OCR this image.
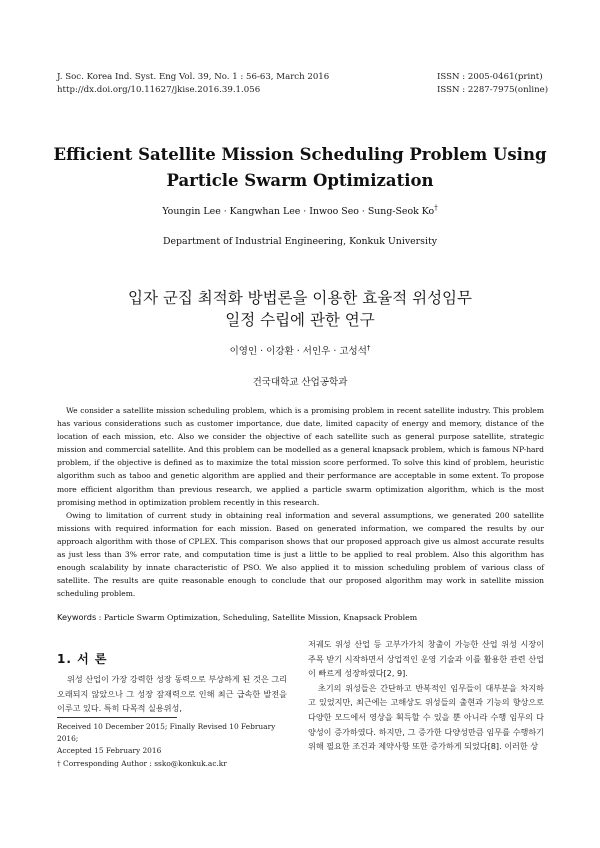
J. Soc. Korea Ind. Syst. Eng Vol. 39, No. 1 : 56-63, March 2016
http://dx.doi.org/10.11627/jkise.2016.39.1.056
ISSN : 2005-0461(print)
ISSN : 2287-7975(online)
Efficient Satellite Mission Scheduling Problem Using
Particle Swarm Optimization
Youngin Lee · Kangwhan Lee · Inwoo Seo · Sung-Seok Ko†
Department of Industrial Engineering, Konkuk University
입자 군집 최적화 방법론을 이용한 효율적 위성임무
일정 수립에 관한 연구
이영인 · 이강환 · 서인우 · 고성석†
건국대학교 산업공학과

We consider a satellite mission scheduling problem, which is a promising problem in recent satellite industry. This problem has various considerations such as customer importance, due date, limited capacity of energy and memory, distance of the location of each mission, etc. Also we consider the objective of each satellite such as general purpose satellite, strategic mission and commercial satellite. And this problem can be modelled as a general knapsack problem, which is famous NP-hard problem, if the objective is defined as to maximize the total mission score performed. To solve this kind of problem, heuristic algorithm such as taboo and genetic algorithm are applied and their performance are acceptable in some extent. To propose more efficient algorithm than previous research, we applied a particle swarm optimization algorithm, which is the most promising method in optimization problem recently in this research.

Owing to limitation of current study in obtaining real information and several assumptions, we generated 200 satellite missions with required information for each mission. Based on generated information, we compared the results by our approach algorithm with those of CPLEX. This comparison shows that our proposed approach give us almost accurate results as just less than 3% error rate, and computation time is just a little to be applied to real problem. Also this algorithm has enough scalability by innate characteristic of PSO. We also applied it to mission scheduling problem of various class of satellite. The results are quite reasonable enough to conclude that our proposed algorithm may work in satellite mission scheduling problem.

Keywords : Particle Swarm Optimization, Scheduling, Satellite Mission, Knapsack Problem
1. 서 론

위성 산업이 가장 강력한 성장 동력으로 부상하게 된 것은 그리 오래되지 않았으나 그 성장 잠재력으로 인해 최근 급속한 발전을 이루고 있다. 특히 다목적 실용위성,

Received 10 December 2015; Finally Revised 10 February 2016;
Accepted 15 February 2016
† Corresponding Author : ssko@konkuk.ac.kr

저궤도 위성 산업 등 고부가가치 창출이 가능한 산업 위성 시장이 주목 받기 시작하면서 상업적인 운영 기술과 이를 활용한 관련 산업이 빠르게 성장하였다[2, 9].

초기의 위성들은 간단하고 반복적인 임무들이 대부분을 차지하고 있었지만, 최근에는 고해상도 위성들의 출현과 기능의 향상으로 다양한 모드에서 영상을 획득할 수 있을 뿐 아니라 수행 임무의 다양성이 증가하였다. 하지만, 그 증가한 다양성만큼 임무를 수행하기 위해 필요한 조건과 제약사항 또한 증가하게 되었다[8]. 이러한 상
